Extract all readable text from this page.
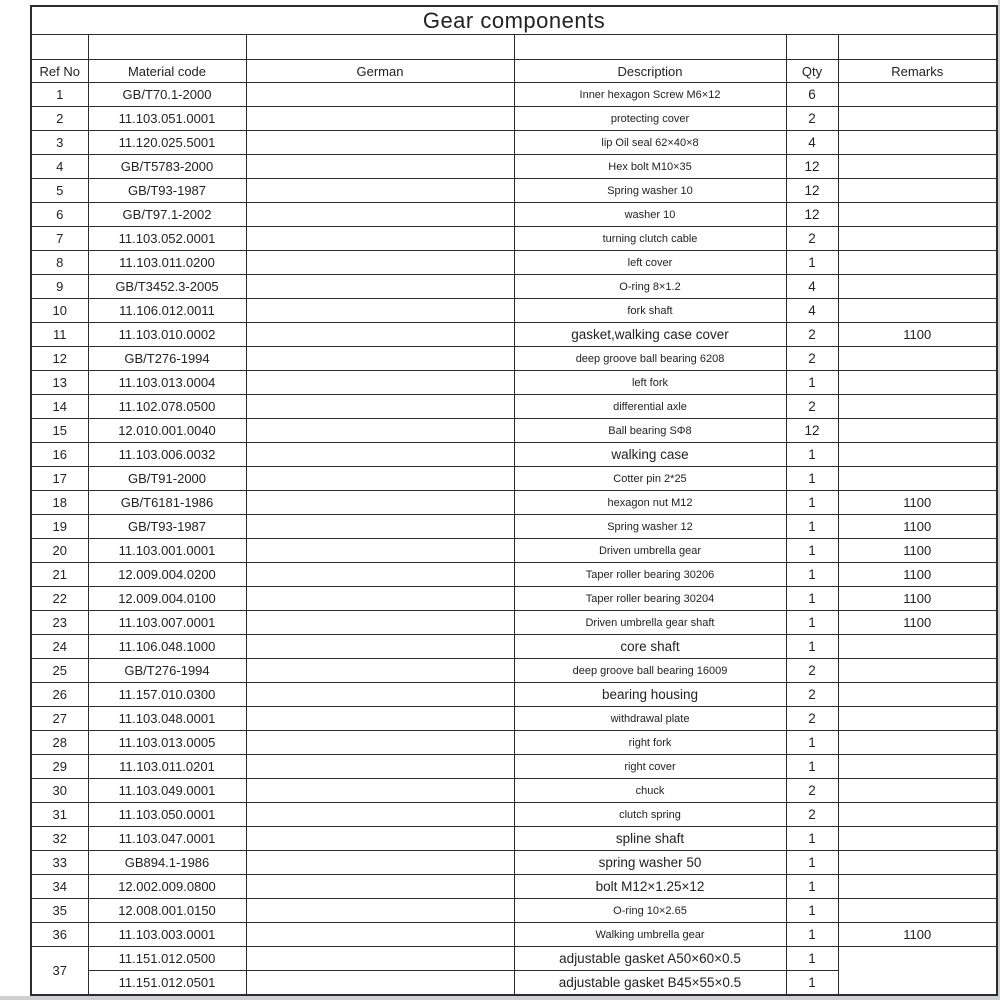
Gear components					

Ref No	Material code	German	Description	Qty	Remarks
1	GB/T70.1-2000		Inner hexagon Screw M6×12	6	
2	11.103.051.0001		protecting cover	2	
3	11.120.025.5001		lip Oil seal 62×40×8	4	
4	GB/T5783-2000		Hex bolt M10×35	12	
5	GB/T93-1987		Spring washer 10	12	
6	GB/T97.1-2002		washer 10	12	
7	11.103.052.0001		turning clutch cable	2	
8	11.103.011.0200		left cover	1	
9	GB/T3452.3-2005		O-ring 8×1.2	4	
10	11.106.012.0011		fork shaft	4	
11	11.103.010.0002		gasket,walking case cover	2	1100
12	GB/T276-1994		deep groove ball bearing 6208	2	
13	11.103.013.0004		left fork	1	
14	11.102.078.0500		differential axle	2	
15	12.010.001.0040		Ball bearing SΦ8	12	
16	11.103.006.0032		walking case	1	
17	GB/T91-2000		Cotter pin 2*25	1	
18	GB/T6181-1986		hexagon nut M12	1	1100
19	GB/T93-1987		Spring washer 12	1	1100
20	11.103.001.0001		Driven umbrella gear	1	1100
21	12.009.004.0200		Taper roller bearing 30206	1	1100
22	12.009.004.0100		Taper roller bearing 30204	1	1100
23	11.103.007.0001		Driven umbrella gear shaft	1	1100
24	11.106.048.1000		core shaft	1	
25	GB/T276-1994		deep groove ball bearing 16009	2	
26	11.157.010.0300		bearing housing	2	
27	11.103.048.0001		withdrawal plate	2	
28	11.103.013.0005		right fork	1	
29	11.103.011.0201		right cover	1	
30	11.103.049.0001		chuck	2	
31	11.103.050.0001		clutch spring	2	
32	11.103.047.0001		spline shaft	1	
33	GB894.1-1986		spring washer 50	1	
34	12.002.009.0800		bolt M12×1.25×12	1	
35	12.008.001.0150		O-ring 10×2.65	1	
36	11.103.003.0001		Walking umbrella gear	1	1100
37	11.151.012.0500		adjustable gasket A50×60×0.5	1	
	11.151.012.0501		adjustable gasket B45×55×0.5	1	
